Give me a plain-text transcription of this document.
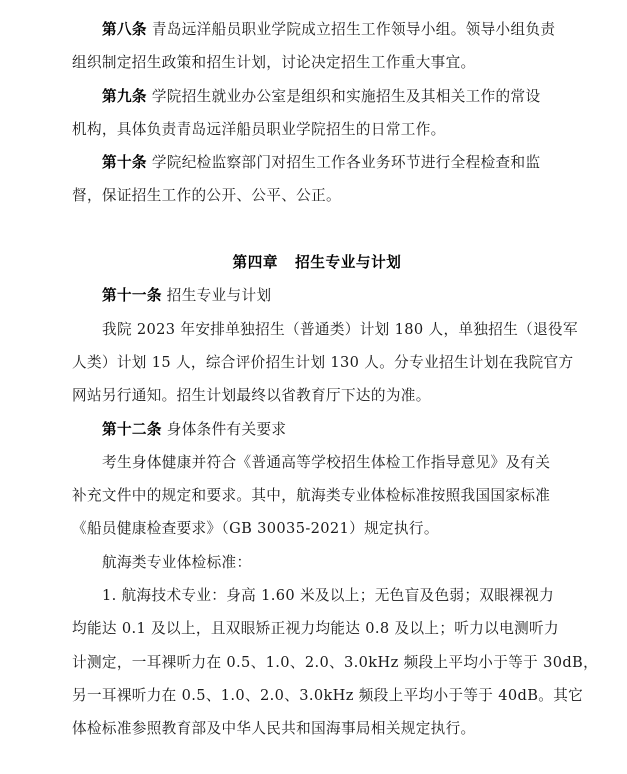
第八条 青岛远洋船员职业学院成立招生工作领导小组。领导小组负责
组织制定招生政策和招生计划，讨论决定招生工作重大事宜。
第九条 学院招生就业办公室是组织和实施招生及其相关工作的常设
机构，具体负责青岛远洋船员职业学院招生的日常工作。
第十条 学院纪检监察部门对招生工作各业务环节进行全程检查和监
督，保证招生工作的公开、公平、公正。
第四章 招生专业与计划
第十一条 招生专业与计划
我院 2023 年安排单独招生（普通类）计划 180 人，单独招生（退役军
人类）计划 15 人，综合评价招生计划 130 人。分专业招生计划在我院官方
网站另行通知。招生计划最终以省教育厅下达的为准。
第十二条 身体条件有关要求
考生身体健康并符合《普通高等学校招生体检工作指导意见》及有关
补充文件中的规定和要求。其中，航海类专业体检标准按照我国国家标准
《船员健康检查要求》（GB 30035-2021）规定执行。
航海类专业体检标准：
1. 航海技术专业：身高 1.60 米及以上；无色盲及色弱；双眼裸视力
均能达 0.1 及以上，且双眼矫正视力均能达 0.8 及以上；听力以电测听力
计测定，一耳裸听力在 0.5、1.0、2.0、3.0kHz 频段上平均小于等于 30dB，
另一耳裸听力在 0.5、1.0、2.0、3.0kHz 频段上平均小于等于 40dB。其它
体检标准参照教育部及中华人民共和国海事局相关规定执行。
